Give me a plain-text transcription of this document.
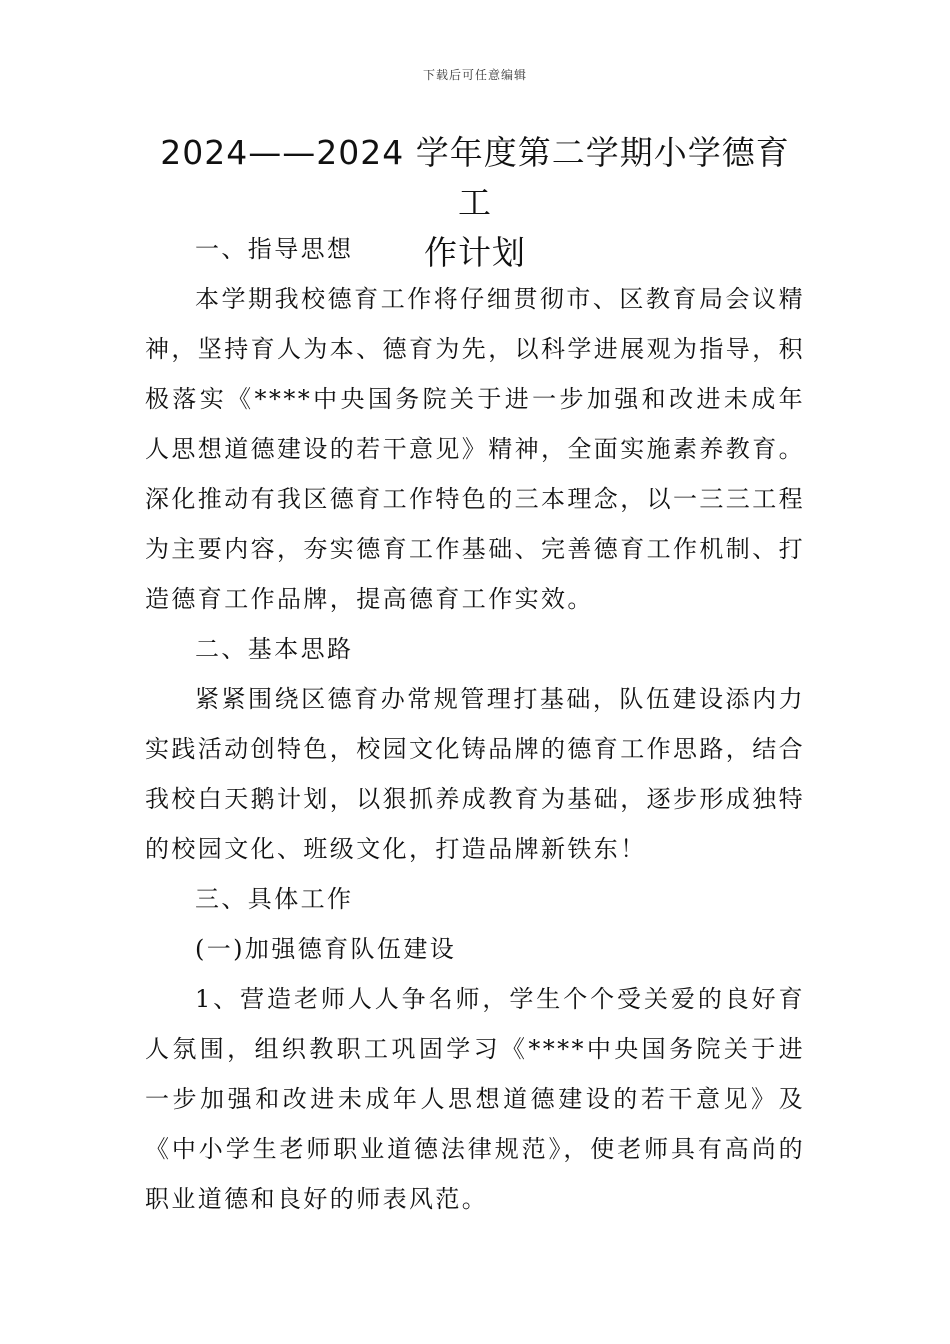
下载后可任意编辑
2024——2024 学年度第二学期小学德育工
作计划

一、指导思想

本学期我校德育工作将仔细贯彻市、区教育局会议精神，坚持育人为本、德育为先，以科学进展观为指导，积极落实《****中央国务院关于进一步加强和改进未成年人思想道德建设的若干意见》精神，全面实施素养教育。深化推动有我区德育工作特色的三本理念，以一三三工程为主要内容，夯实德育工作基础、完善德育工作机制、打造德育工作品牌，提高德育工作实效。

二、基本思路

紧紧围绕区德育办常规管理打基础，队伍建设添内力实践活动创特色，校园文化铸品牌的德育工作思路，结合我校白天鹅计划，以狠抓养成教育为基础，逐步形成独特的校园文化、班级文化，打造品牌新铁东！

三、具体工作

(一)加强德育队伍建设

1、营造老师人人争名师，学生个个受关爱的良好育人氛围，组织教职工巩固学习《****中央国务院关于进一步加强和改进未成年人思想道德建设的若干意见》及《中小学生老师职业道德法律规范》，使老师具有高尚的职业道德和良好的师表风范。
